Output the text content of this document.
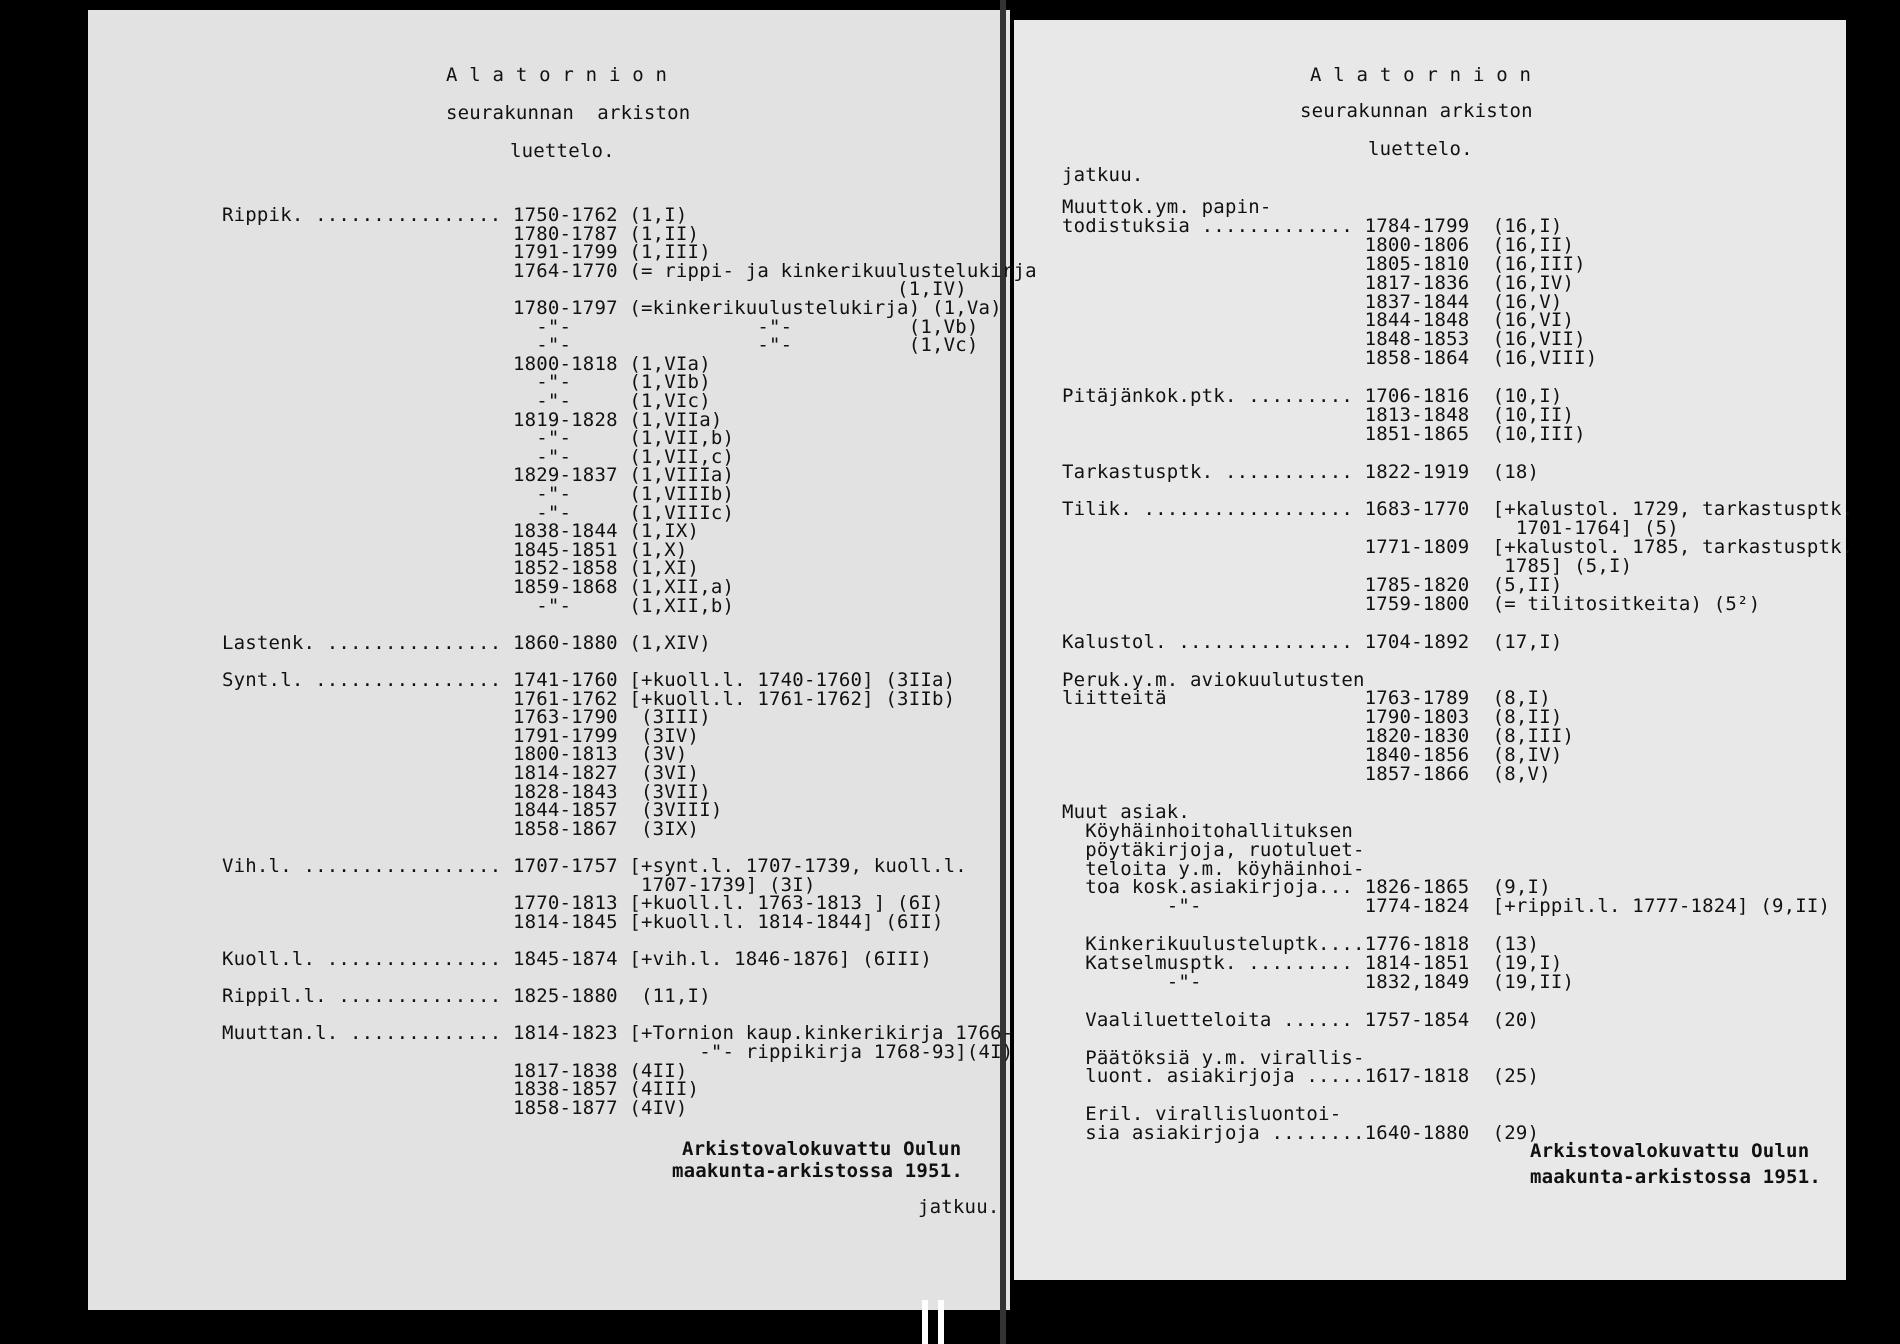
A l a t o r n i o n
seurakunnan  arkiston
luettelo.
Rippik. ................ 1750-1762 (1,I)
1780-1787 (1,II)
1791-1799 (1,III)
1764-1770 (= rippi- ja kinkerikuulustelukirja
(1,IV)
1780-1797 (=kinkerikuulustelukirja) (1,Va)
-"-                -"-          (1,Vb)
-"-                -"-          (1,Vc)
1800-1818 (1,VIa)
-"-     (1,VIb)
-"-     (1,VIc)
1819-1828 (1,VIIa)
-"-     (1,VII,b)
-"-     (1,VII,c)
1829-1837 (1,VIIIa)
-"-     (1,VIIIb)
-"-     (1,VIIIc)
1838-1844 (1,IX)
1845-1851 (1,X)
1852-1858 (1,XI)
1859-1868 (1,XII,a)
-"-     (1,XII,b)
Lastenk. ............... 1860-1880 (1,XIV)
Synt.l. ................ 1741-1760 [+kuoll.l. 1740-1760] (3IIa)
1761-1762 [+kuoll.l. 1761-1762] (3IIb)
1763-1790  (3III)
1791-1799  (3IV)
1800-1813  (3V)
1814-1827  (3VI)
1828-1843  (3VII)
1844-1857  (3VIII)
1858-1867  (3IX)
Vih.l. ................. 1707-1757 [+synt.l. 1707-1739, kuoll.l.
1707-1739] (3I)
1770-1813 [+kuoll.l. 1763-1813 ] (6I)
1814-1845 [+kuoll.l. 1814-1844] (6II)
Kuoll.l. ............... 1845-1874 [+vih.l. 1846-1876] (6III)
Rippil.l. .............. 1825-1880  (11,I)
Muuttan.l. ............. 1814-1823 [+Tornion kaup.kinkerikirja 1766-
-"- rippikirja 1768-93](4I)
1817-1838 (4II)
1838-1857 (4III)
1858-1877 (4IV)
Arkistovalokuvattu Oulun
maakunta-arkistossa 1951.
jatkuu.
A l a t o r n i o n
seurakunnan arkiston
luettelo.
jatkuu.
Muuttok.ym. papin-
todistuksia ............. 1784-1799  (16,I)
1800-1806  (16,II)
1805-1810  (16,III)
1817-1836  (16,IV)
1837-1844  (16,V)
1844-1848  (16,VI)
1848-1853  (16,VII)
1858-1864  (16,VIII)
Pitäjänkok.ptk. ......... 1706-1816  (10,I)
1813-1848  (10,II)
1851-1865  (10,III)
Tarkastusptk. ........... 1822-1919  (18)
Tilik. .................. 1683-1770  [+kalustol. 1729, tarkastusptk.
1701-1764] (5)
1771-1809  [+kalustol. 1785, tarkastusptk.
1785] (5,I)
1785-1820  (5,II)
1759-1800  (= tilitositkeita) (5²)
Kalustol. ............... 1704-1892  (17,I)
Peruk.y.m. aviokuulutusten
liitteitä                 1763-1789  (8,I)
1790-1803  (8,II)
1820-1830  (8,III)
1840-1856  (8,IV)
1857-1866  (8,V)
Muut asiak.
Köyhäinhoitohallituksen
pöytäkirjoja, ruotuluet-
teloita y.m. köyhäinhoi-
toa kosk.asiakirjoja... 1826-1865  (9,I)
-"-              1774-1824  [+rippil.l. 1777-1824] (9,II)
Kinkerikuulusteluptk....1776-1818  (13)
Katselmusptk. ......... 1814-1851  (19,I)
-"-              1832,1849  (19,II)
Vaaliluetteloita ...... 1757-1854  (20)
Päätöksiä y.m. virallis-
luont. asiakirjoja .....1617-1818  (25)
Eril. virallisluontoi-
sia asiakirjoja ........1640-1880  (29)
Arkistovalokuvattu Oulun
maakunta-arkistossa 1951.
